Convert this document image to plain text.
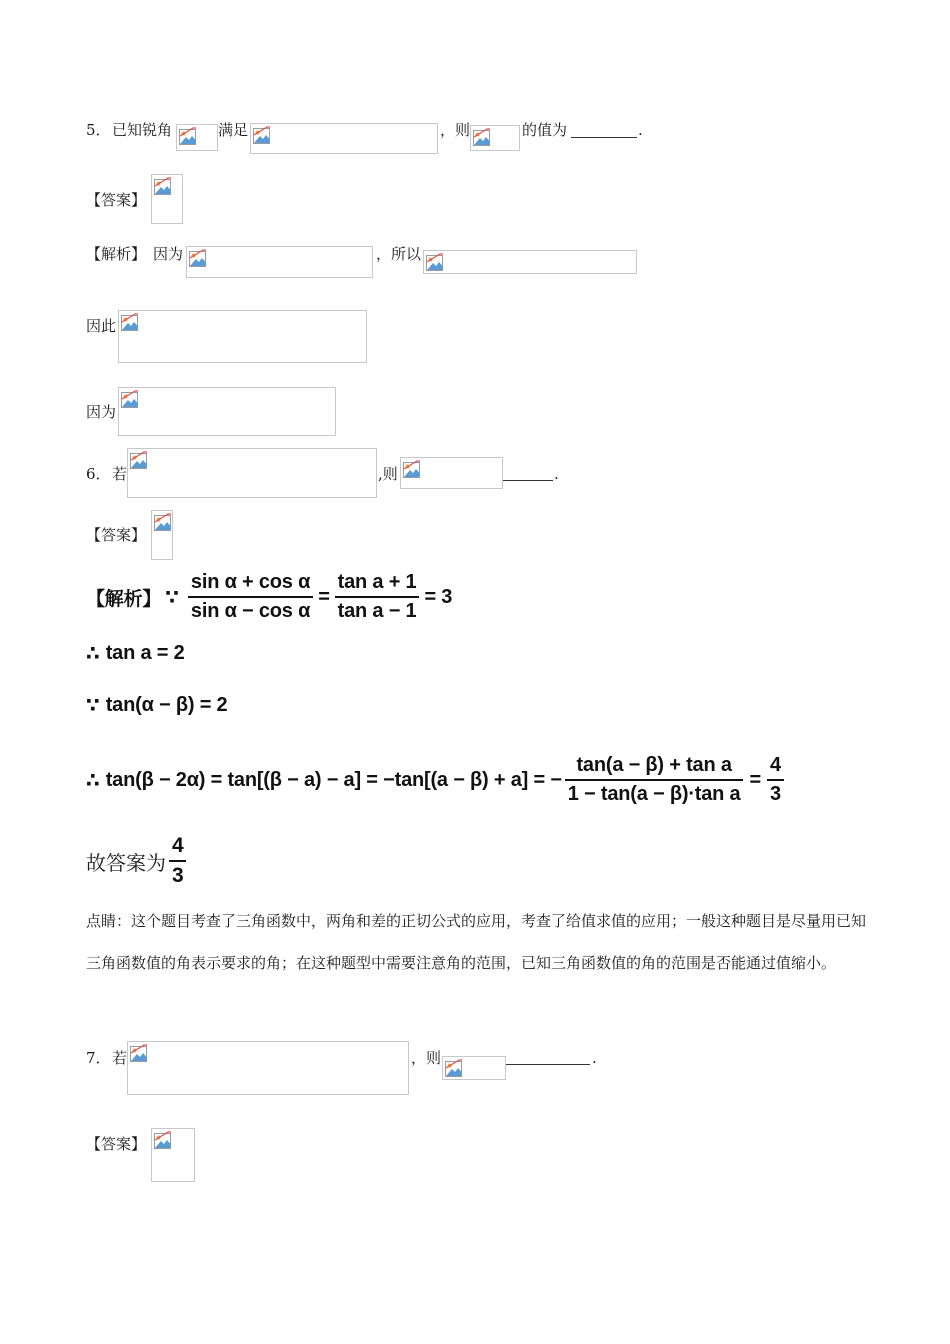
5． 已知锐角	满足	，则	的值为	.
【答案】
【解析】 因为	，所以
因此
因为
6． 若	,则	.
【答案】
【解析】 ∵ $\frac{\text{sin α + cos α}}{\text{sin α − cos α}} = \frac{\text{tan a + 1}}{\text{tan a − 1}} = 3$
∴ tan a = 2
∵ tan(α − β) = 2
∴ tan(β − 2α) = tan[(β − a) − a] = −tan[(a − β) + a] = − $\frac{\text{tan(a − β) + tan a}}{\text{1 − tan(a − β)·tan a}} = \frac{4}{3}$
故答案为 $\frac{4}{3}$
点睛：这个题目考查了三角函数中，两角和差的正切公式的应用，考查了给值求值的应用；一般这种题目是尽量用已知三角函数值的角表示要求的角；在这种题型中需要注意角的范围，已知三角函数值的角的范围是否能通过值缩小。
7． 若	，则	.
【答案】
